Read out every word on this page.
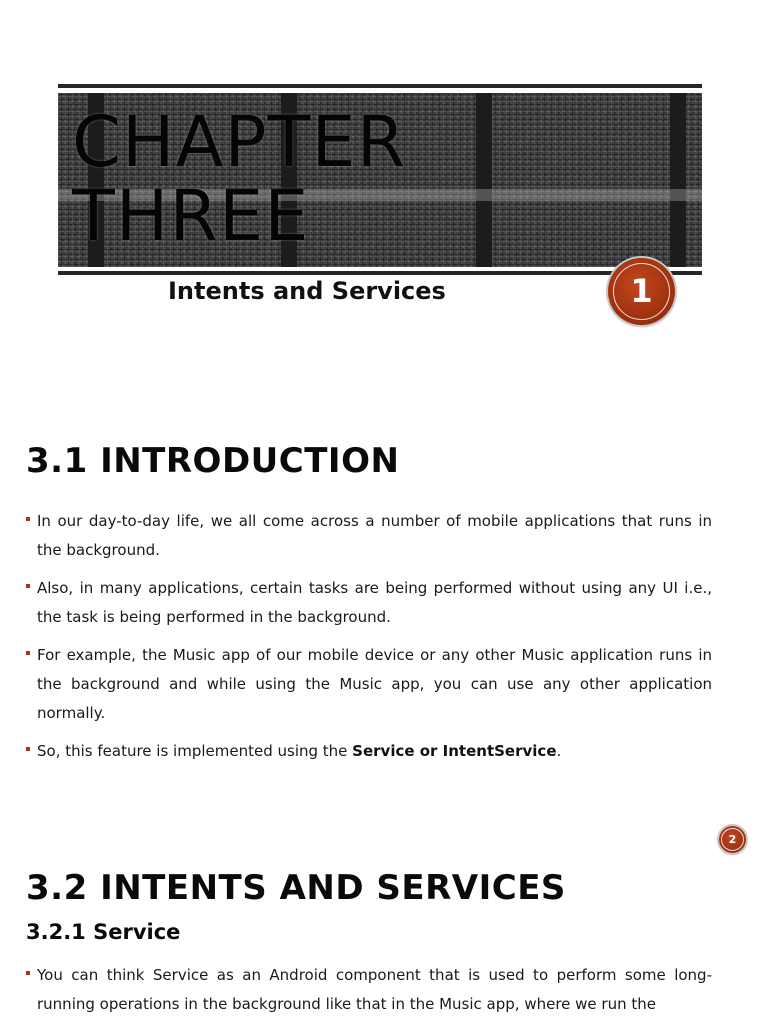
CHAPTER
THREE

Intents and Services	1
3.1 INTRODUCTION
In our day-to-day life, we all come across a number of mobile applications that runs in the background.
Also, in many applications, certain tasks are being performed without using any UI i.e., the task is being performed in the background.
For example, the Music app of our mobile device or any other Music application runs in the background and while using the Music app, you can use any other application normally.
So, this feature is implemented using the Service or IntentService.
2
3.2 INTENTS AND SERVICES
3.2.1 Service
You can think Service as an Android component that is used to perform some long-running operations in the background like that in the Music app, where we run the
